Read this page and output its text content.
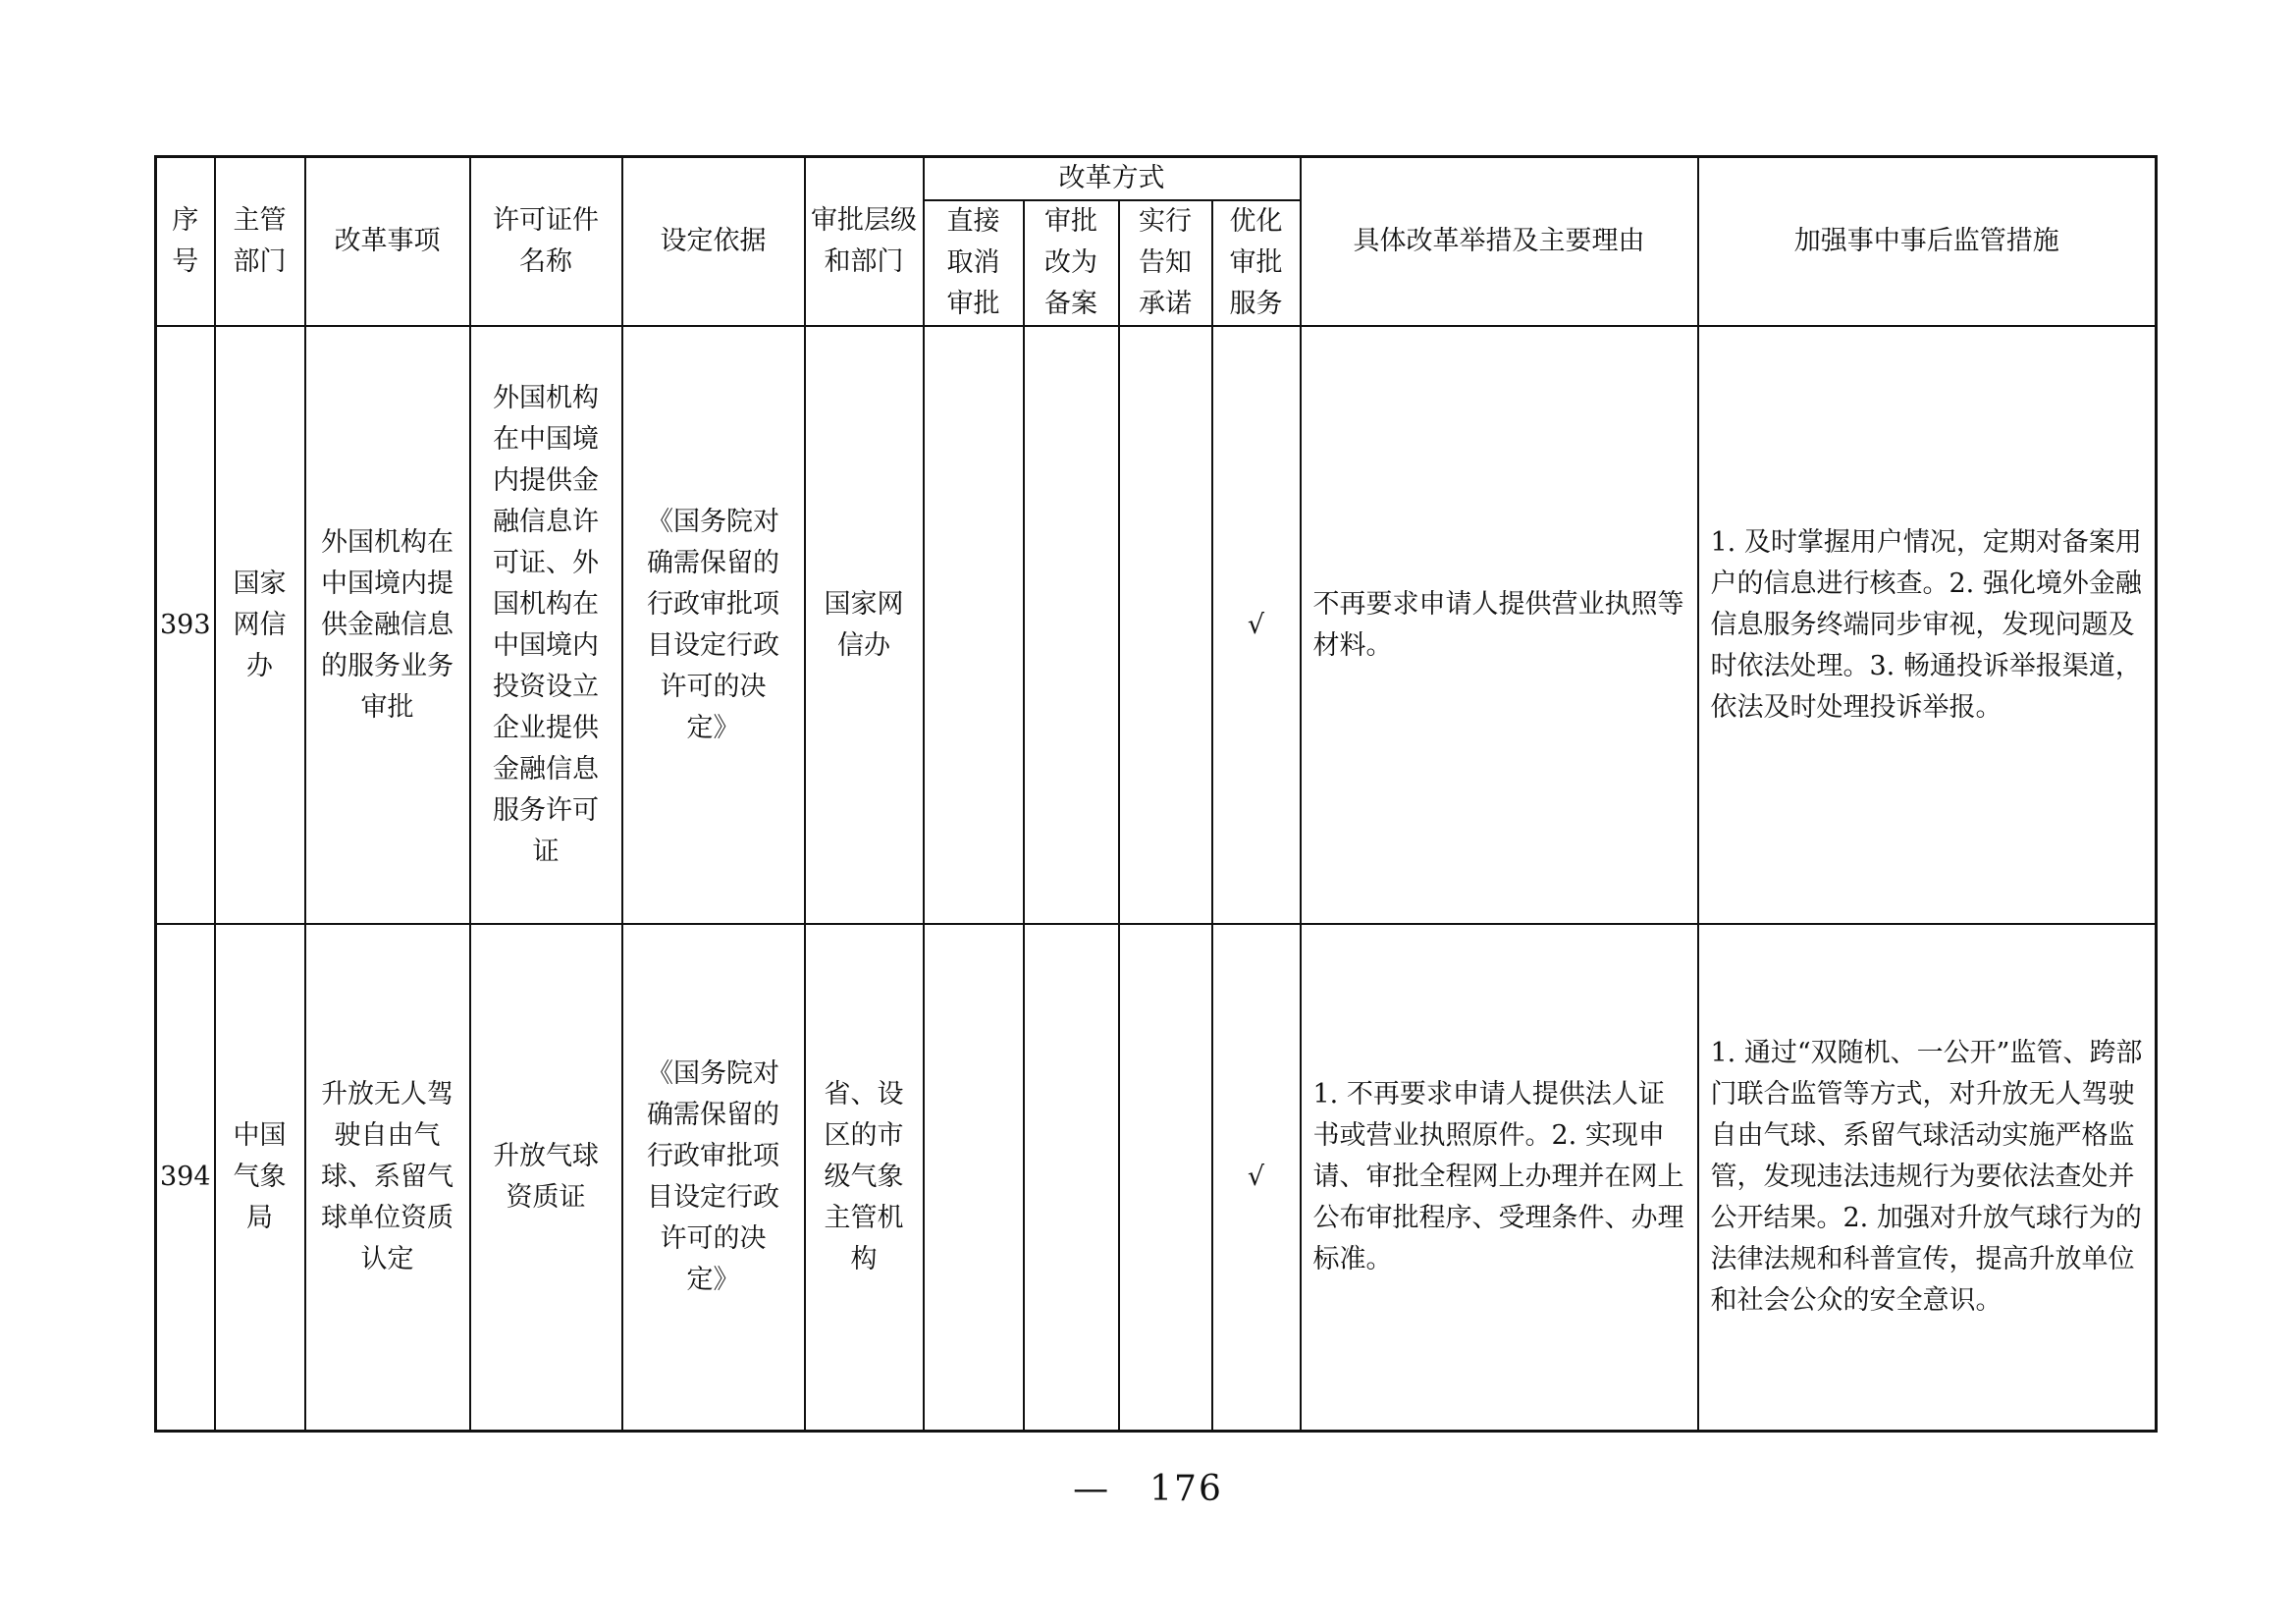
序号	主管部门	改革事项	许可证件名称	设定依据	审批层级和部门	改革方式				具体改革举措及主要理由	加强事中事后监管措施

						直接取消审批	审批改为备案	实行告知承诺	优化审批服务		

393	国家网信办	外国机构在中国境内提供金融信息的服务业务审批	外国机构在中国境内提供金融信息许可证、外国机构在中国境内投资设立企业提供金融信息服务许可证	《国务院对确需保留的行政审批项目设定行政许可的决定》	国家网信办				√	不再要求申请人提供营业执照等材料。	1. 及时掌握用户情况，定期对备案用户的信息进行核查。2. 强化境外金融信息服务终端同步审视，发现问题及时依法处理。3. 畅通投诉举报渠道，依法及时处理投诉举报。

394	中国气象局	升放无人驾驶自由气球、系留气球单位资质认定	升放气球资质证	《国务院对确需保留的行政审批项目设定行政许可的决定》	省、设区的市级气象主管机构				√	1. 不再要求申请人提供法人证书或营业执照原件。2. 实现申请、审批全程网上办理并在网上公布审批程序、受理条件、办理标准。	1. 通过“双随机、一公开”监管、跨部门联合监管等方式，对升放无人驾驶自由气球、系留气球活动实施严格监管，发现违法违规行为要依法查处并公开结果。2. 加强对升放气球行为的法律法规和科普宣传，提高升放单位和社会公众的安全意识。
— 176
